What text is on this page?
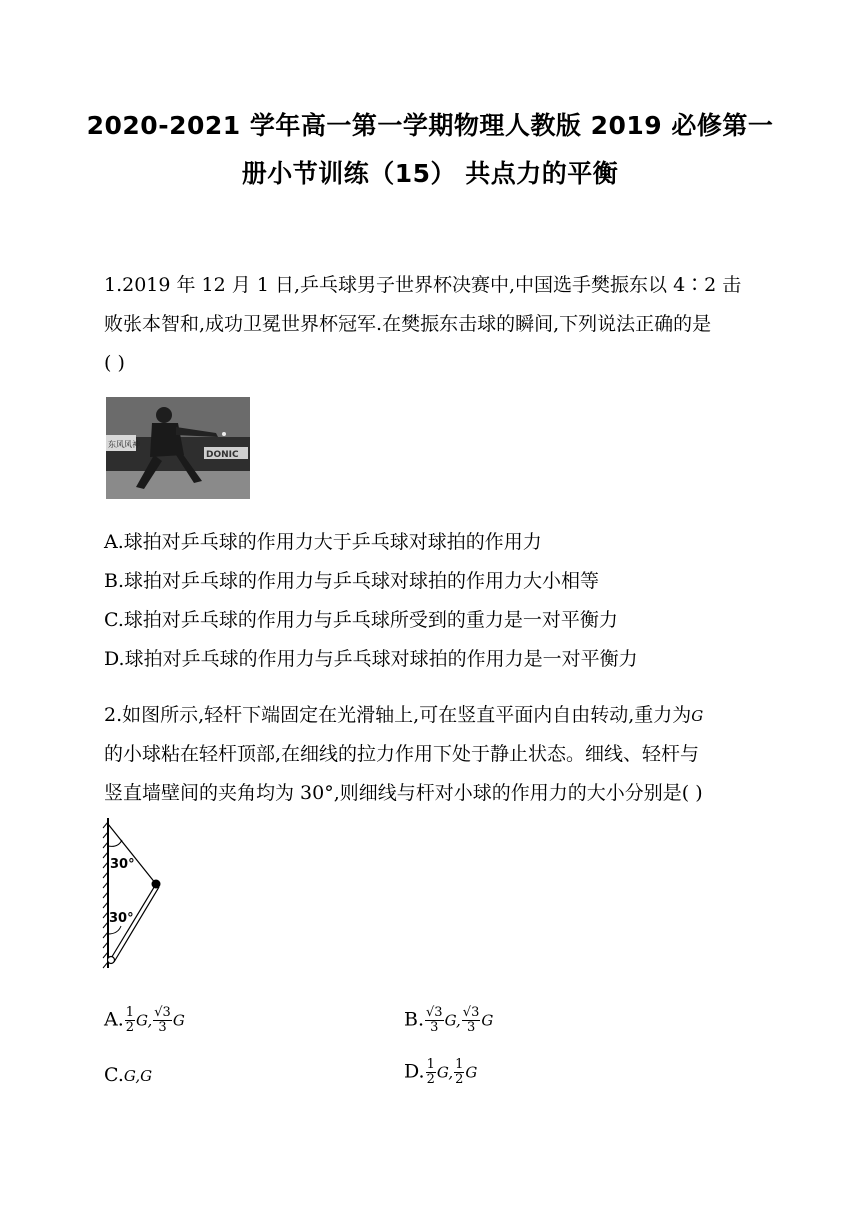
2020-2021 学年高一第一学期物理人教版 2019 必修第一
册小节训练（15） 共点力的平衡
1.2019 年 12 月 1 日,乒乓球男子世界杯决赛中,中国选手樊振东以 4∶2 击
败张本智和,成功卫冕世界杯冠军.在樊振东击球的瞬间,下列说法正确的是
( )
东风风神
DONIC
A.球拍对乒乓球的作用力大于乒乓球对球拍的作用力
B.球拍对乒乓球的作用力与乒乓球对球拍的作用力大小相等
C.球拍对乒乓球的作用力与乒乓球所受到的重力是一对平衡力
D.球拍对乒乓球的作用力与乒乓球对球拍的作用力是一对平衡力
2.如图所示,轻杆下端固定在光滑轴上,可在竖直平面内自由转动,重力为G
的小球粘在轻杆顶部,在细线的拉力作用下处于静止状态。细线、轻杆与
竖直墙壁间的夹角均为 30°,则细线与杆对小球的作用力的大小分别是( )
30°
30°
A. $\frac{1}{2} G$, $\frac{√3}{3}$ G	B. $\frac{√3}{3} G$, $\frac{√3}{3}$ G
C.G,G	D. $\frac{1}{2} G$, $\frac{1}{2}$ G
